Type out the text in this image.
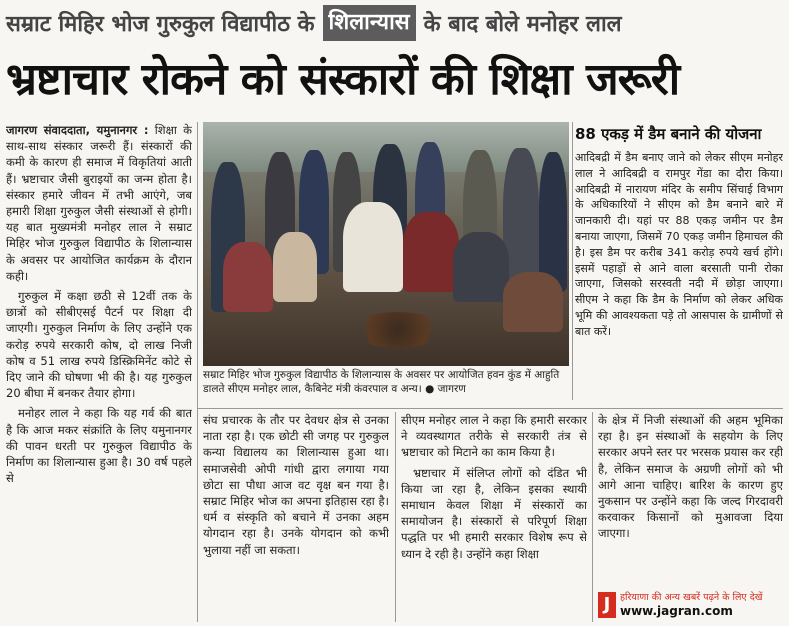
सम्राट मिहिर भोज गुरुकुल विद्यापीठ के शिलान्यास के बाद बोले मनोहर लाल
भ्रष्टाचार रोकने को संस्कारों की शिक्षा जरूरी

जागरण संवाददाता, यमुनानगर : शिक्षा के साथ-साथ संस्कार जरूरी हैं। संस्कारों की कमी के कारण ही समाज में विकृतियां आती हैं। भ्रष्टाचार जैसी बुराइयों का जन्म होता है। संस्कार हमारे जीवन में तभी आएंगे, जब हमारी शिक्षा गुरुकुल जैसी संस्थाओं से होगी। यह बात मुख्यमंत्री मनोहर लाल ने सम्राट मिहिर भोज गुरुकुल विद्यापीठ के शिलान्यास के अवसर पर आयोजित कार्यक्रम के दौरान कही।

गुरुकुल में कक्षा छठी से 12वीं तक के छात्रों को सीबीएसई पैटर्न पर शिक्षा दी जाएगी। गुरुकुल निर्माण के लिए उन्होंने एक करोड़ रुपये सरकारी कोष, दो लाख निजी कोष व 51 लाख रुपये डिस्क्रिमिनेंट कोटे से दिए जाने की घोषणा भी की है। यह गुरुकुल 20 बीघा में बनकर तैयार होगा।

मनोहर लाल ने कहा कि यह गर्व की बात है कि आज मकर संक्रांति के लिए यमुनानगर की पावन धरती पर गुरुकुल विद्यापीठ के निर्माण का शिलान्यास हुआ है। 30 वर्ष पहले से

सम्राट मिहिर भोज गुरुकुल विद्यापीठ के शिलान्यास के अवसर पर आयोजित हवन कुंड में आहुति डालते सीएम मनोहर लाल, कैबिनेट मंत्री कंवरपाल व अन्य। ● जागरण
88 एकड़ में डैम बनाने की योजना

आदिबद्री में डैम बनाए जाने को लेकर सीएम मनोहर लाल ने आदिबद्री व रामपुर गेंडा का दौरा किया। आदिबद्री में नारायण मंदिर के समीप सिंचाई विभाग के अधिकारियों ने सीएम को डैम बनाने बारे में जानकारी दी। यहां पर 88 एकड़ जमीन पर डैम बनाया जाएगा, जिसमें 70 एकड़ जमीन हिमाचल की है। इस डैम पर करीब 341 करोड़ रुपये खर्च होंगे। इसमें पहाड़ों से आने वाला बरसाती पानी रोका जाएगा, जिसको सरस्वती नदी में छोड़ा जाएगा। सीएम ने कहा कि डैम के निर्माण को लेकर अधिक भूमि की आवश्यकता पड़े तो आसपास के ग्रामीणों से बात करें।

संघ प्रचारक के तौर पर देवधर क्षेत्र से उनका नाता रहा है। एक छोटी सी जगह पर गुरुकुल कन्या विद्यालय का शिलान्यास हुआ था। समाजसेवी ओपी गांधी द्वारा लगाया गया छोटा सा पौधा आज वट वृक्ष बन गया है। सम्राट मिहिर भोज का अपना इतिहास रहा है। धर्म व संस्कृति को बचाने में उनका अहम योगदान रहा है। उनके योगदान को कभी भुलाया नहीं जा सकता।

सीएम मनोहर लाल ने कहा कि हमारी सरकार ने व्यवस्थागत तरीके से सरकारी तंत्र से भ्रष्टाचार को मिटाने का काम किया है।

भ्रष्टाचार में संलिप्त लोगों को दंडित भी किया जा रहा है, लेकिन इसका स्थायी समाधान केवल शिक्षा में संस्कारों का समायोजन है। संस्कारों से परिपूर्ण शिक्षा पद्धति पर भी हमारी सरकार विशेष रूप से ध्यान दे रही है। उन्होंने कहा शिक्षा

के क्षेत्र में निजी संस्थाओं की अहम भूमिका रहा है। इन संस्थाओं के सहयोग के लिए सरकार अपने स्तर पर भरसक प्रयास कर रही है, लेकिन समाज के अग्रणी लोगों को भी आगे आना चाहिए। बारिश के कारण हुए नुकसान पर उन्होंने कहा कि जल्द गिरदावरी करवाकर किसानों को मुआवजा दिया जाएगा।

J	हरियाणा की अन्य खबरें पढ़ने के लिए देखें
www.jagran.com
